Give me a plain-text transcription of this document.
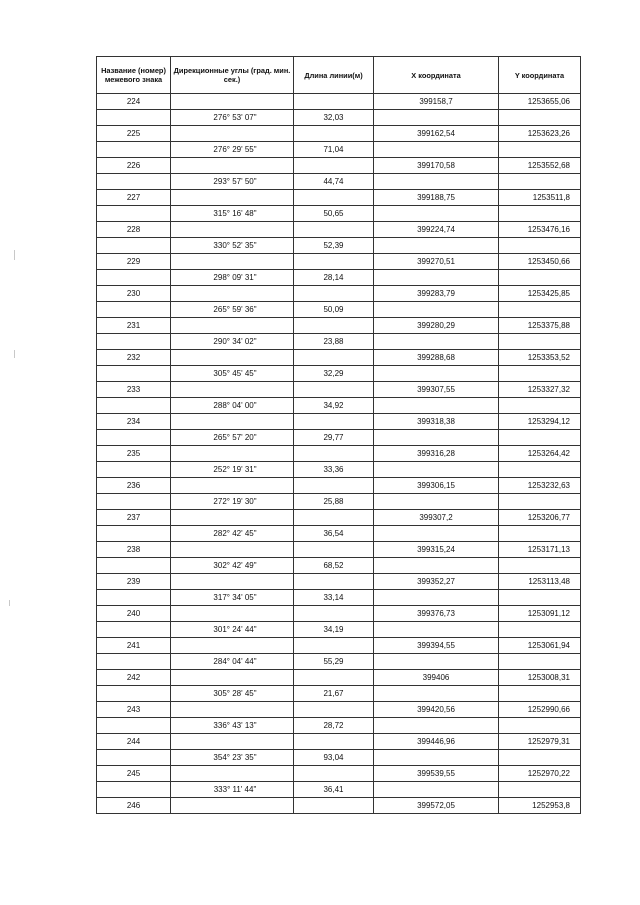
Название (номер) межевого знака	Дирекционные углы (град. мин. сек.)	Длина линии(м)	X координата	Y координата
224			399158,7	1253655,06
	276° 53' 07"	32,03		
225			399162,54	1253623,26
	276° 29' 55"	71,04		
226			399170,58	1253552,68
	293° 57' 50"	44,74		
227			399188,75	1253511,8
	315° 16' 48"	50,65		
228			399224,74	1253476,16
	330° 52' 35"	52,39		
229			399270,51	1253450,66
	298° 09' 31"	28,14		
230			399283,79	1253425,85
	265° 59' 36"	50,09		
231			399280,29	1253375,88
	290° 34' 02"	23,88		
232			399288,68	1253353,52
	305° 45' 45"	32,29		
233			399307,55	1253327,32
	288° 04' 00"	34,92		
234			399318,38	1253294,12
	265° 57' 20"	29,77		
235			399316,28	1253264,42
	252° 19' 31"	33,36		
236			399306,15	1253232,63
	272° 19' 30"	25,88		
237			399307,2	1253206,77
	282° 42' 45"	36,54		
238			399315,24	1253171,13
	302° 42' 49"	68,52		
239			399352,27	1253113,48
	317° 34' 05"	33,14		
240			399376,73	1253091,12
	301° 24' 44"	34,19		
241			399394,55	1253061,94
	284° 04' 44"	55,29		
242			399406	1253008,31
	305° 28' 45"	21,67		
243			399420,56	1252990,66
	336° 43' 13"	28,72		
244			399446,96	1252979,31
	354° 23' 35"	93,04		
245			399539,55	1252970,22
	333° 11' 44"	36,41		
246			399572,05	1252953,8
